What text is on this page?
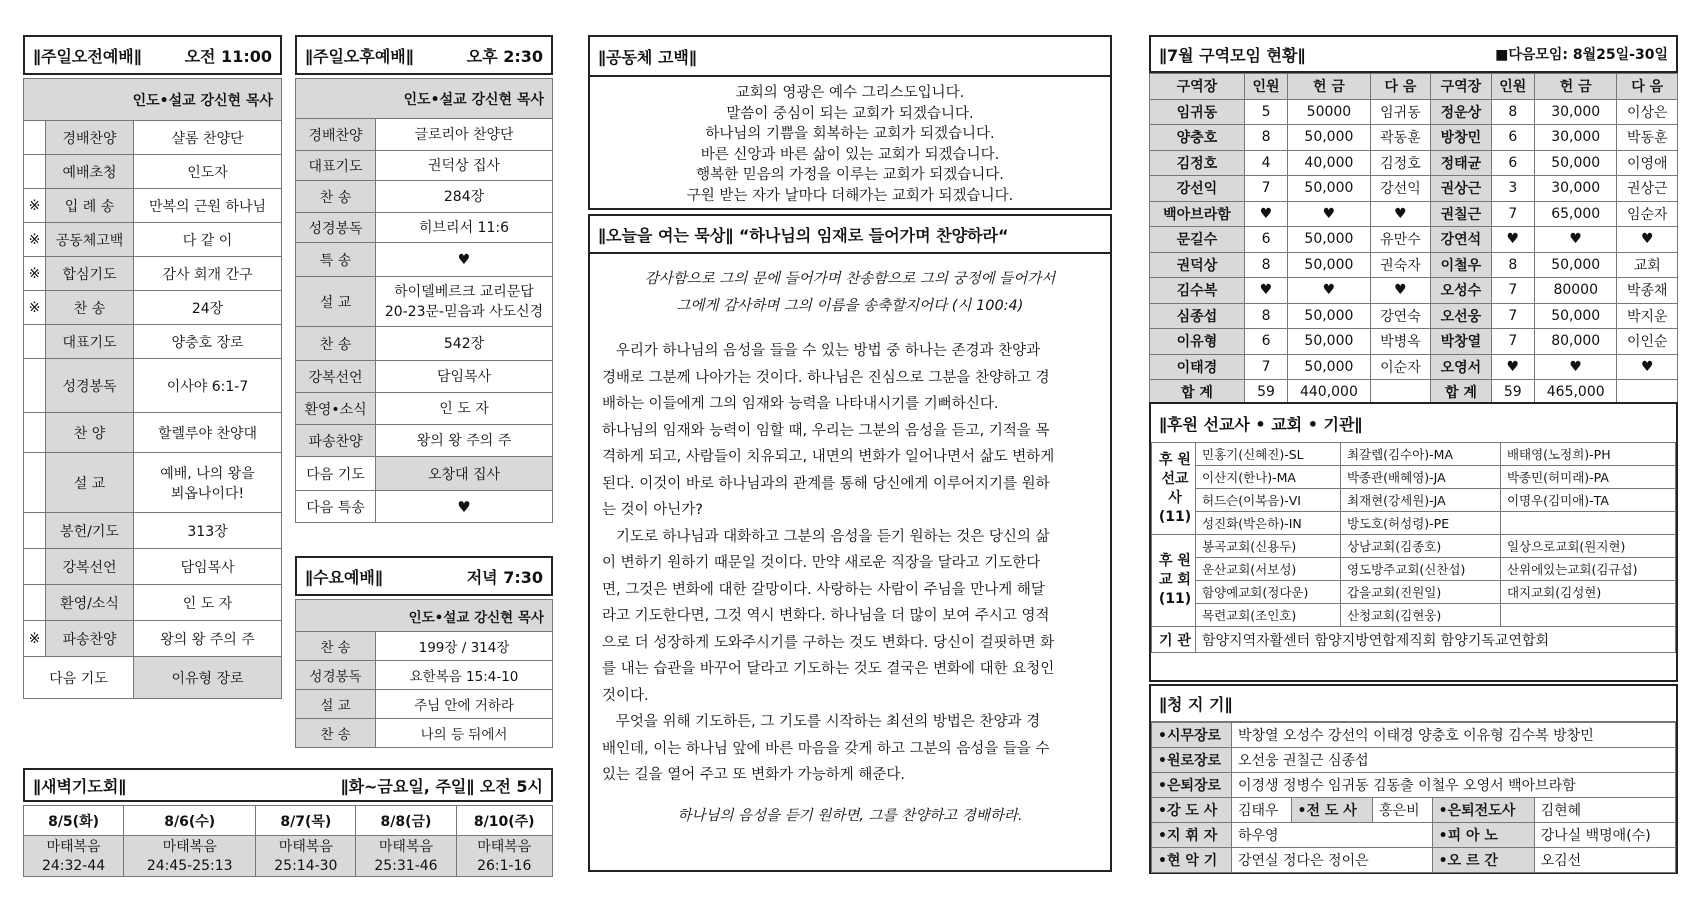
∥주일오전예배∥	오전 11:00
인도•설교 강신현 목사		
	경배찬양	샬롬 찬양단
	예배초청	인도자
※	입 례 송	만복의 근원 하나님
※	공동체고백	다 같 이
※	합심기도	감사 회개 간구
※	찬 송	24장
	대표기도	양충호 장로
	성경봉독	이사야 6:1-7
	찬 양	할렐루야 찬양대
	설 교	예배, 나의 왕을
뵈옵나이다!
	봉헌/기도	313장
	강복선언	담임목사
	환영/소식	인 도 자
※	파송찬양	왕의 왕 주의 주
다음 기도		이유형 장로
∥주일오후예배∥	오후 2:30
인도•설교 강신현 목사	
경배찬양	글로리아 찬양단
대표기도	권덕상 집사
찬 송	284장
성경봉독	히브리서 11:6
특 송	♥
설 교	하이델베르크 교리문답
20-23문-믿음과 사도신경
찬 송	542장
강복선언	담임목사
환영•소식	인 도 자
파송찬양	왕의 왕 주의 주
다음 기도	오창대 집사
다음 특송	♥
∥수요예배∥	저녁 7:30
인도•설교 강신현 목사	
찬 송	199장 / 314장
성경봉독	요한복음 15:4-10
설 교	주님 안에 거하라
찬 송	나의 등 뒤에서
∥새벽기도회∥	∥화~금요일, 주일∥ 오전 5시
8/5(화)	8/6(수)	8/7(목)	8/8(금)	8/10(주)
마태복음	마태복음	마태복음	마태복음	마태복음
24:32-44	24:45-25:13	25:14-30	25:31-46	26:1-16
∥공동체 고백∥
교회의 영광은 예수 그리스도입니다.
말씀이 중심이 되는 교회가 되겠습니다.
하나님의 기쁨을 회복하는 교회가 되겠습니다.
바른 신앙과 바른 삶이 있는 교회가 되겠습니다.
행복한 믿음의 가정을 이루는 교회가 되겠습니다.
구원 받는 자가 날마다 더해가는 교회가 되겠습니다.
∥오늘을 여는 묵상∥ “하나님의 임재로 들어가며 찬양하라“
감사함으로 그의 문에 들어가며 찬송함으로 그의 궁정에 들어가서
그에게 감사하며 그의 이름을 송축할지어다 (시 100:4)
우리가 하나님의 음성을 들을 수 있는 방법 중 하나는 존경과 찬양과
경배로 그분께 나아가는 것이다. 하나님은 진심으로 그분을 찬양하고 경
배하는 이들에게 그의 임재와 능력을 나타내시기를 기뻐하신다.
하나님의 임재와 능력이 임할 때, 우리는 그분의 음성을 듣고, 기적을 목
격하게 되고, 사람들이 치유되고, 내면의 변화가 일어나면서 삶도 변하게
된다. 이것이 바로 하나님과의 관계를 통해 당신에게 이루어지기를 원하
는 것이 아닌가?
기도로 하나님과 대화하고 그분의 음성을 듣기 원하는 것은 당신의 삶
이 변하기 원하기 때문일 것이다. 만약 새로운 직장을 달라고 기도한다
면, 그것은 변화에 대한 갈망이다. 사랑하는 사람이 주님을 만나게 해달
라고 기도한다면, 그것 역시 변화다. 하나님을 더 많이 보여 주시고 영적
으로 더 성장하게 도와주시기를 구하는 것도 변화다. 당신이 걸핏하면 화
를 내는 습관을 바꾸어 달라고 기도하는 것도 결국은 변화에 대한 요청인
것이다.
무엇을 위해 기도하든, 그 기도를 시작하는 최선의 방법은 찬양과 경
배인데, 이는 하나님 앞에 바른 마음을 갖게 하고 그분의 음성을 들을 수
있는 길을 열어 주고 또 변화가 가능하게 해준다.
하나님의 음성을 듣기 원하면, 그를 찬양하고 경배하라.
∥7월 구역모임 현황∥	■다음모임: 8월25일-30일
구역장	인원	헌 금	다 음	구역장	인원	헌 금	다 음
임귀동	5	50000	임귀동	정운상	8	30,000	이상은
양충호	8	50,000	곽동훈	방창민	6	30,000	박동훈
김정호	4	40,000	김정호	정태균	6	50,000	이영애
강선익	7	50,000	강선익	권상근	3	30,000	권상근
백아브라함	♥	♥	♥	권칠근	7	65,000	임순자
문길수	6	50,000	유만수	강연석	♥	♥	♥
권덕상	8	50,000	권숙자	이철우	8	50,000	교회
김수복	♥	♥	♥	오성수	7	80000	박종채
심종섭	8	50,000	강연숙	오선웅	7	50,000	박지운
이유형	6	50,000	박병옥	박창열	7	80,000	이인순
이태경	7	50,000	이순자	오영서	♥	♥	♥
합 계	59	440,000		합 계	59	465,000	
∥후원 선교사 • 교회 • 기관∥
후 원
선교사
(11)	민홍기(신혜진)-SL	최갈렙(김수아)-MA	배태영(노정희)-PH
	이산지(한나)-MA	박종관(배혜영)-JA	박종민(허미래)-PA
	허드슨(이복음)-VI	최재현(강세원)-JA	이명우(김미애)-TA
	성진화(박은하)-IN	방도호(허성령)-PE	

후 원
교 회
(11)	봉곡교회(신용두)	상남교회(김종호)	일상으로교회(원지현)
	운산교회(서보성)	영도방주교회(신찬섭)	산위에있는교회(김규섭)
	함양예교회(정다운)	갑을교회(진원일)	대지교회(김성현)
	목련교회(조인호)	산청교회(김현웅)	
기 관	함양지역자활센터 함양지방연합제직회 함양기독교연합회		
∥청 지 기∥
•시무장로	박창열 오성수 강선익 이태경 양충호 이유형 김수복 방창민				
•원로장로	오선웅 권칠근 심종섭				
•은퇴장로	이경생 정병수 임귀동 김동출 이철우 오영서 백아브라함				
•강 도 사	김태우	•전 도 사	홍은비	•은퇴전도사	김현혜
•지 휘 자	하우영			•피 아 노	강나실 백명애(수)
•현 악 기	강연실 정다은 정이은			•오 르 간	오김선
